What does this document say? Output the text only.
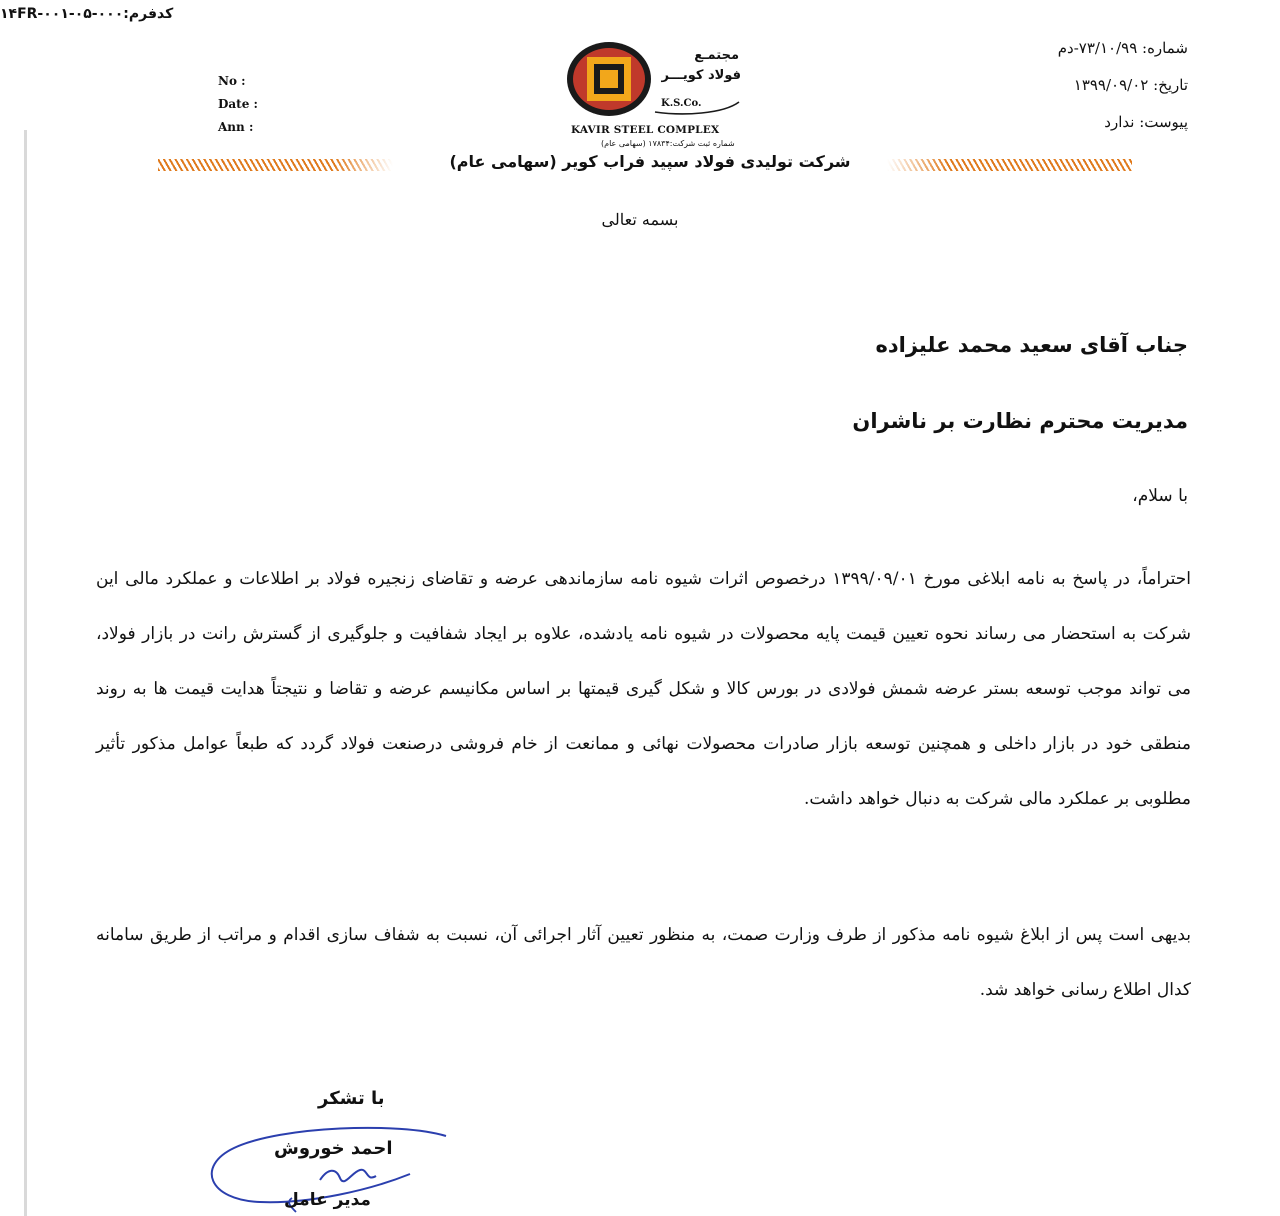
کدفرم:۰۰۰-۰۵-۱۴FR-۰۰۱
شماره: ۷۳/۱۰/۹۹-دم
تاریخ: ۱۳۹۹/۰۹/۰۲
پیوست: ندارد
No :
Date :
Ann :
مجتمـع
فولاد کویـــر
K.S.Co.
KAVIR STEEL COMPLEX
شماره ثبت شرکت:۱۷۸۳۴ (سهامی عام)
شرکت تولیدی فولاد سپید فراب کویر (سهامی عام)
بسمه تعالی
جناب آقای سعید محمد علیزاده
مدیریت محترم نظارت بر ناشران
با سلام،
احتراماً، در پاسخ به نامه ابلاغی مورخ ۱۳۹۹/۰۹/۰۱ درخصوص اثرات شیوه نامه سازماندهی عرضه و تقاضای زنجیره فولاد بر اطلاعات و عملکرد مالی این شرکت به استحضار می رساند نحوه تعیین قیمت پایه محصولات در شیوه نامه یادشده، علاوه بر ایجاد شفافیت و جلوگیری از گسترش رانت در بازار فولاد، می تواند موجب توسعه بستر عرضه شمش فولادی در بورس کالا و شکل گیری قیمتها بر اساس مکانیسم عرضه و تقاضا و نتیجتاً هدایت قیمت ها به روند منطقی خود در بازار داخلی و همچنین توسعه بازار صادرات محصولات نهائی و ممانعت از خام فروشی درصنعت فولاد گردد که طبعاً عوامل مذکور تأثیر مطلوبی بر عملکرد مالی شرکت به دنبال خواهد داشت.
بدیهی است پس از ابلاغ شیوه نامه مذکور از طرف وزارت صمت، به منظور تعیین آثار اجرائی آن، نسبت به شفاف سازی اقدام و مراتب از طریق سامانه کدال اطلاع رسانی خواهد شد.
با تشکر
احمد خوروش
مدیر عامل
